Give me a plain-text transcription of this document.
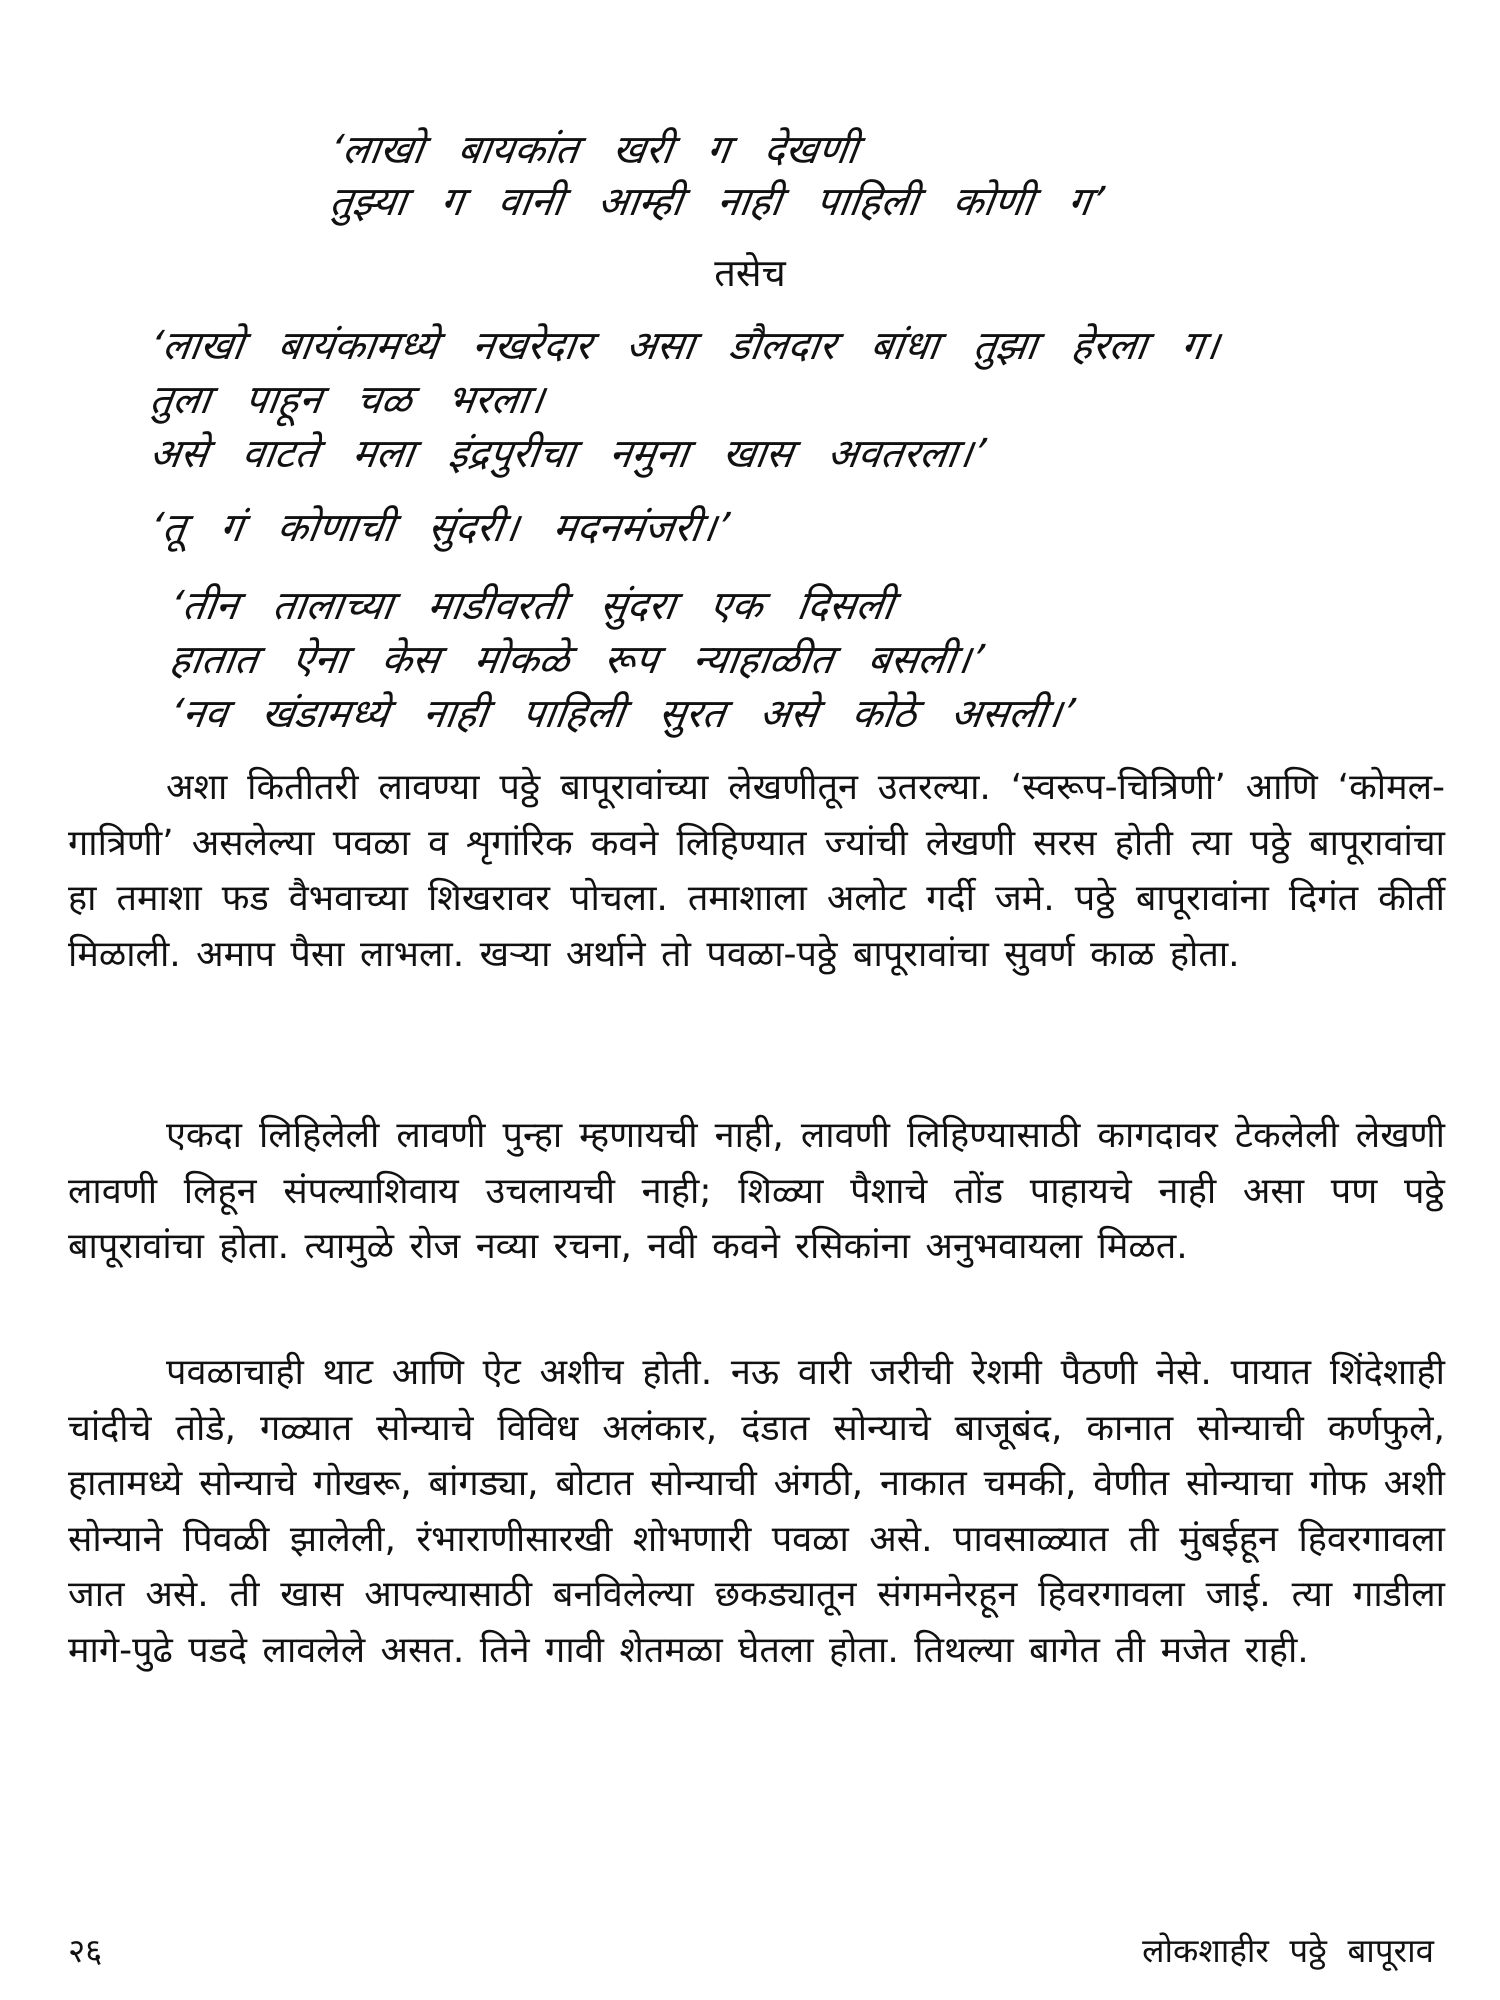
‘लाखो बायकांत खरी ग देखणी
तुझ्या ग वानी आम्ही नाही पाहिली कोणी ग’
तसेच
‘लाखो बायंकामध्ये नखरेदार असा डौलदार बांधा तुझा हेरला ग।
तुला पाहून चळ भरला।
असे वाटते मला इंद्रपुरीचा नमुना खास अवतरला।’
‘तू गं कोणाची सुंदरी। मदनमंजरी।’
‘तीन तालाच्या माडीवरती सुंदरा एक दिसली
हातात ऐना केस मोकळे रूप न्याहाळीत बसली।’
‘नव खंडामध्ये नाही पाहिली सुरत असे कोठे असली।’

अशा कितीतरी लावण्या पठ्ठे बापूरावांच्या लेखणीतून उतरल्या. ‘स्वरूप-चित्रिणी’ आणि ‘कोमल-गात्रिणी’ असलेल्या पवळा व शृगांरिक कवने लिहिण्यात ज्यांची लेखणी सरस होती त्या पठ्ठे बापूरावांचा हा तमाशा फड वैभवाच्या शिखरावर पोचला. तमाशाला अलोट गर्दी जमे. पठ्ठे बापूरावांना दिगंत कीर्ती मिळाली. अमाप पैसा लाभला. खऱ्या अर्थाने तो पवळा-पठ्ठे बापूरावांचा सुवर्ण काळ होता.

एकदा लिहिलेली लावणी पुन्हा म्हणायची नाही, लावणी लिहिण्यासाठी कागदावर टेकलेली लेखणी लावणी लिहून संपल्याशिवाय उचलायची नाही; शिळ्या पैशाचे तोंड पाहायचे नाही असा पण पठ्ठे बापूरावांचा होता. त्यामुळे रोज नव्या रचना, नवी कवने रसिकांना अनुभवायला मिळत.

पवळाचाही थाट आणि ऐट अशीच होती. नऊ वारी जरीची रेशमी पैठणी नेसे. पायात शिंदेशाही चांदीचे तोडे, गळ्यात सोन्याचे विविध अलंकार, दंडात सोन्याचे बाजूबंद, कानात सोन्याची कर्णफुले, हातामध्ये सोन्याचे गोखरू, बांगड्या, बोटात सोन्याची अंगठी, नाकात चमकी, वेणीत सोन्याचा गोफ अशी सोन्याने पिवळी झालेली, रंभाराणीसारखी शोभणारी पवळा असे. पावसाळ्यात ती मुंबईहून हिवरगावला जात असे. ती खास आपल्यासाठी बनविलेल्या छकड्यातून संगमनेरहून हिवरगावला जाई. त्या गाडीला मागे-पुढे पडदे लावलेले असत. तिने गावी शेतमळा घेतला होता. तिथल्या बागेत ती मजेत राही.

२६	लोकशाहीर पठ्ठे बापूराव
